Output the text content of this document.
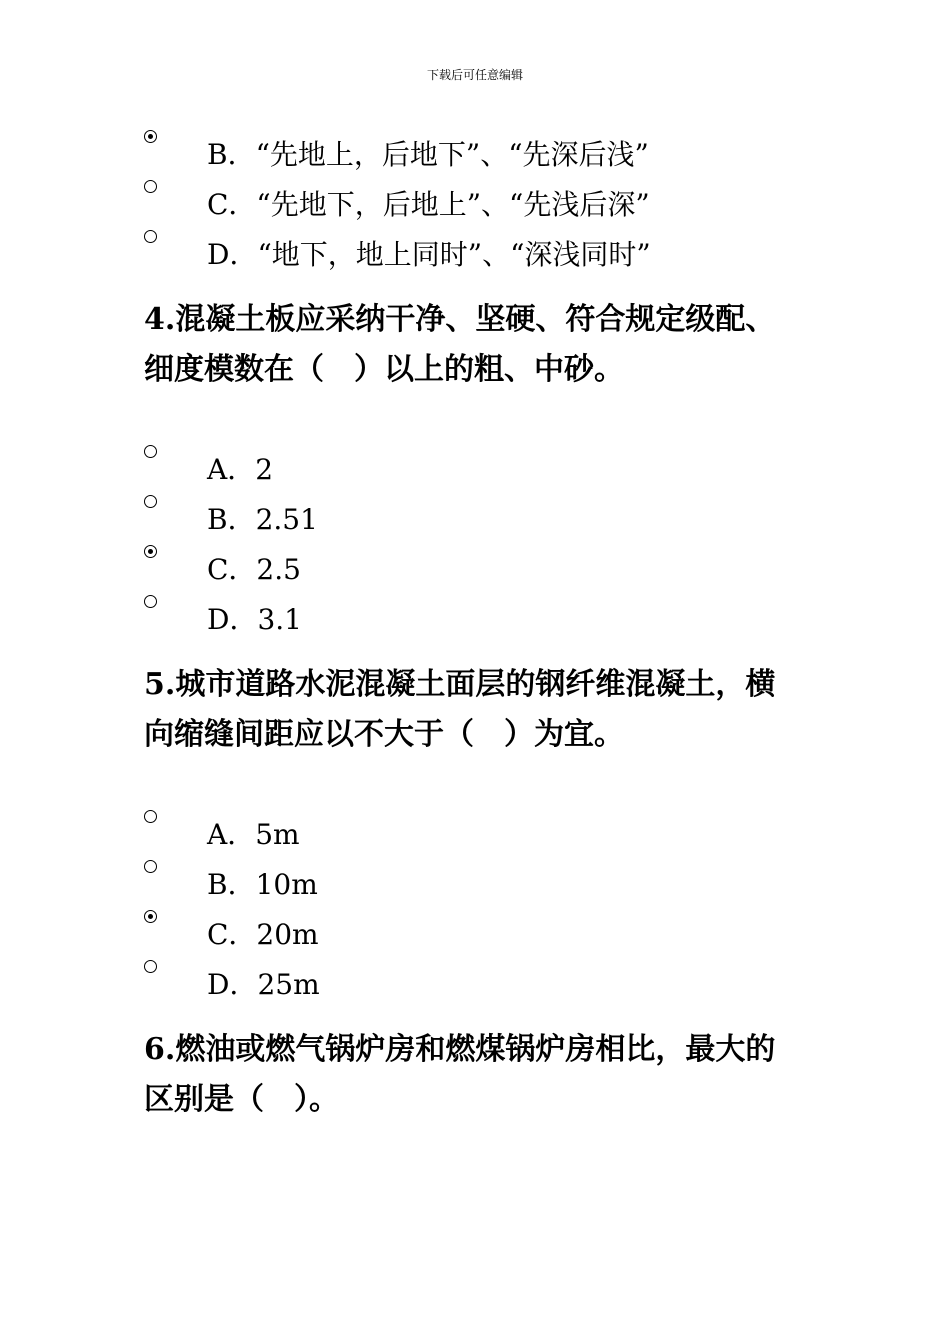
下载后可任意编辑
B．“先地上，后地下”、“先深后浅”
C．“先地下，后地上”、“先浅后深”
D．“地下，地上同时”、“深浅同时”
4.混凝土板应采纳干净、坚硬、符合规定级配、细度模数在（　）以上的粗、中砂。
A．2
B．2.51
C．2.5
D．3.1
5.城市道路水泥混凝土面层的钢纤维混凝土，横向缩缝间距应以不大于（　）为宜。
A．5m
B．10m
C．20m
D．25m
6.燃油或燃气锅炉房和燃煤锅炉房相比，最大的区别是（　）。
